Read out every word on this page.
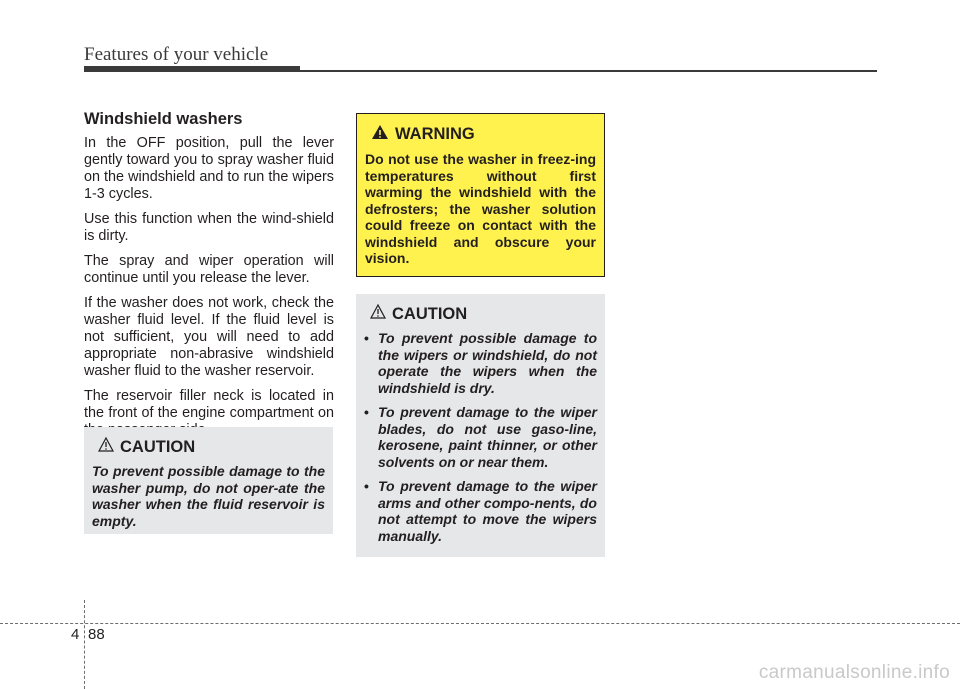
Features of your vehicle
Windshield washers

In the OFF position, pull the lever gently toward you to spray washer fluid on the windshield and to run the wipers 1-3 cycles.

Use this function when the wind-shield is dirty.

The spray and wiper operation will continue until you release the lever.

If the washer does not work, check the washer fluid level. If the fluid level is not sufficient, you will need to add appropriate non-abrasive windshield washer fluid to the washer reservoir.

The reservoir filler neck is located in the front of the engine compartment on

CAUTION
To prevent possible damage to the washer pump, do not oper-ate the washer when the fluid reservoir is empty.
WARNING

Do not use the washer in freez-ing temperatures without first warming the windshield with the defrosters; the washer solution could freeze on contact with the windshield and obscure your vision.

CAUTION
• To prevent possible damage to the wipers or windshield, do not operate the wipers when the windshield is dry.
• To prevent damage to the wiper blades, do not use gaso-line, kerosene, paint thinner, or other solvents on or near them.
• To prevent damage to the wiper arms and other compo-nents, do not attempt to move the wipers manually.
4 88
carmanualsonline.info
